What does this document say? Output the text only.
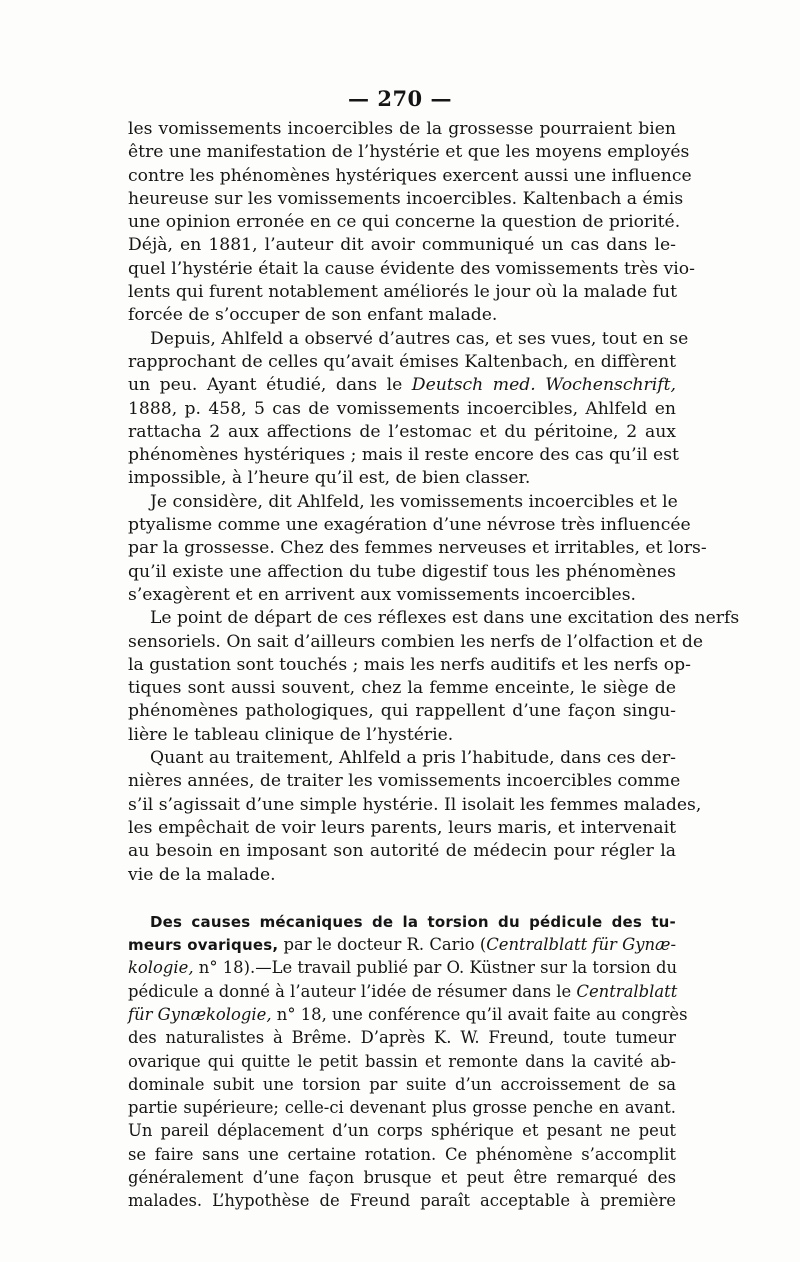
— 270 —
les vomissements incoercibles de la grossesse pourraient bien
être une manifestation de l’hystérie et que les moyens employés
contre les phénomènes hystériques exercent aussi une influence
heureuse sur les vomissements incoercibles. Kaltenbach a émis
une opinion erronée en ce qui concerne la question de priorité.
Déjà, en 1881, l’auteur dit avoir communiqué un cas dans le-
quel l’hystérie était la cause évidente des vomissements très vio-
lents qui furent notablement améliorés le jour où la malade fut
forcée de s’occuper de son enfant malade.
Depuis, Ahlfeld a observé d’autres cas, et ses vues, tout en se
rapprochant de celles qu’avait émises Kaltenbach, en diffèrent
un peu. Ayant étudié, dans le Deutsch med. Wochenschrift,
1888, p. 458, 5 cas de vomissements incoercibles, Ahlfeld en
rattacha 2 aux affections de l’estomac et du péritoine, 2 aux
phénomènes hystériques ; mais il reste encore des cas qu’il est
impossible, à l’heure qu’il est, de bien classer.
Je considère, dit Ahlfeld, les vomissements incoercibles et le
ptyalisme comme une exagération d’une névrose très influencée
par la grossesse. Chez des femmes nerveuses et irritables, et lors-
qu’il existe une affection du tube digestif tous les phénomènes
s’exagèrent et en arrivent aux vomissements incoercibles.
Le point de départ de ces réflexes est dans une excitation des nerfs
sensoriels. On sait d’ailleurs combien les nerfs de l’olfaction et de
la gustation sont touchés ; mais les nerfs auditifs et les nerfs op-
tiques sont aussi souvent, chez la femme enceinte, le siège de
phénomènes pathologiques, qui rappellent d’une façon singu-
lière le tableau clinique de l’hystérie.
Quant au traitement, Ahlfeld a pris l’habitude, dans ces der-
nières années, de traiter les vomissements incoercibles comme
s’il s’agissait d’une simple hystérie. Il isolait les femmes malades,
les empêchait de voir leurs parents, leurs maris, et intervenait
au besoin en imposant son autorité de médecin pour régler la
vie de la malade.
Des causes mécaniques de la torsion du pédicule des tu-
meurs ovariques, par le docteur R. Cario (Centralblatt für Gynæ-
kologie, n° 18).—Le travail publié par O. Küstner sur la torsion du
pédicule a donné à l’auteur l’idée de résumer dans le Centralblatt
für Gynækologie, n° 18, une conférence qu’il avait faite au congrès
des naturalistes à Brême. D’après K. W. Freund, toute tumeur
ovarique qui quitte le petit bassin et remonte dans la cavité ab-
dominale subit une torsion par suite d’un accroissement de sa
partie supérieure; celle-ci devenant plus grosse penche en avant.
Un pareil déplacement d’un corps sphérique et pesant ne peut
se faire sans une certaine rotation. Ce phénomène s’accomplit
généralement d’une façon brusque et peut être remarqué des
malades. L’hypothèse de Freund paraît acceptable à première
